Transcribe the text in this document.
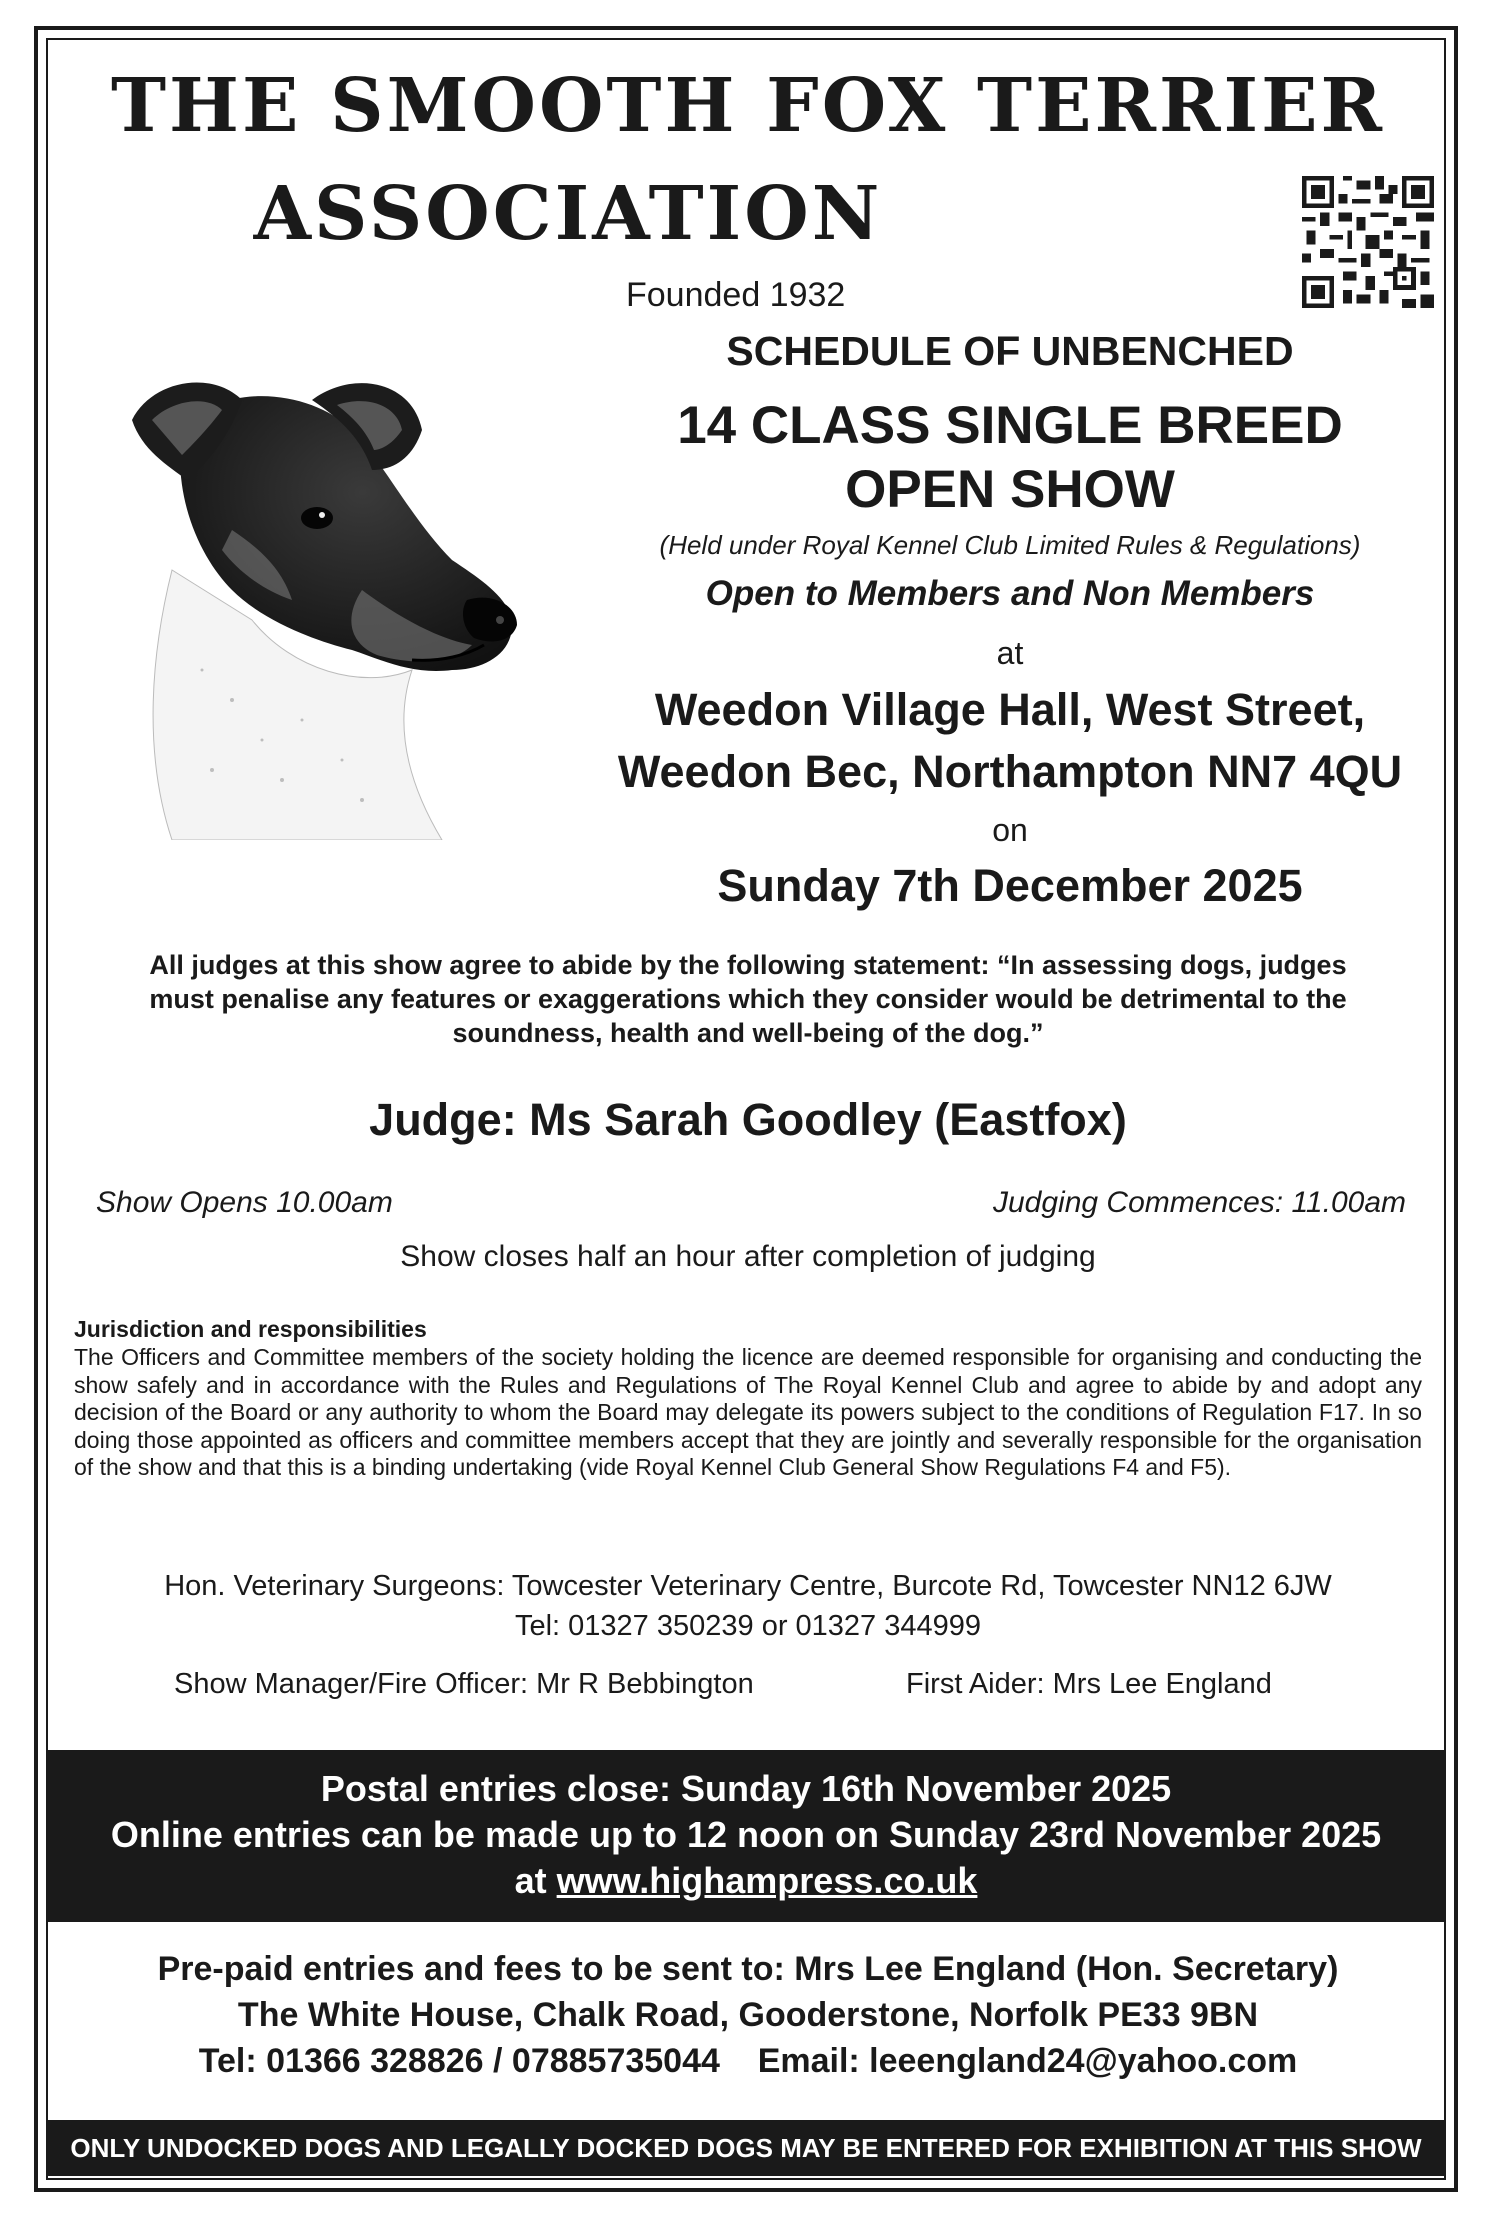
THE SMOOTH FOX TERRIER
ASSOCIATION
Founded 1932
SCHEDULE OF UNBENCHED
14 CLASS SINGLE BREED
OPEN SHOW
(Held under Royal Kennel Club Limited Rules & Regulations)
Open to Members and Non Members
at
Weedon Village Hall, West Street,
Weedon Bec, Northampton NN7 4QU
on
Sunday 7th December 2025
All judges at this show agree to abide by the following statement: “In assessing dogs, judges
must penalise any features or exaggerations which they consider would be detrimental to the
soundness, health and well-being of the dog.”
Judge: Ms Sarah Goodley (Eastfox)
Show Opens 10.00am	Judging Commences: 11.00am
Show closes half an hour after completion of judging
Jurisdiction and responsibilities
The Officers and Committee members of the society holding the licence are deemed responsible for organising and conducting the show safely and in accordance with the Rules and Regulations of The Royal Kennel Club and agree to abide by and adopt any decision of the Board or any authority to whom the Board may delegate its powers subject to the conditions of Regulation F17. In so doing those appointed as officers and committee members accept that they are jointly and severally responsible for the organisation of the show and that this is a binding undertaking (vide Royal Kennel Club General Show Regulations F4 and F5).
Hon. Veterinary Surgeons: Towcester Veterinary Centre, Burcote Rd, Towcester NN12 6JW
Tel: 01327 350239 or 01327 344999
Show Manager/Fire Officer: Mr R Bebbington	First Aider: Mrs Lee England
Postal entries close: Sunday 16th November 2025
Online entries can be made up to 12 noon on Sunday 23rd November 2025
at www.highampress.co.uk
Pre-paid entries and fees to be sent to: Mrs Lee England (Hon. Secretary)
The White House, Chalk Road, Gooderstone, Norfolk PE33 9BN
Tel: 01366 328826 / 07885735044    Email: leeengland24@yahoo.com
ONLY UNDOCKED DOGS AND LEGALLY DOCKED DOGS MAY BE ENTERED FOR EXHIBITION AT THIS SHOW
